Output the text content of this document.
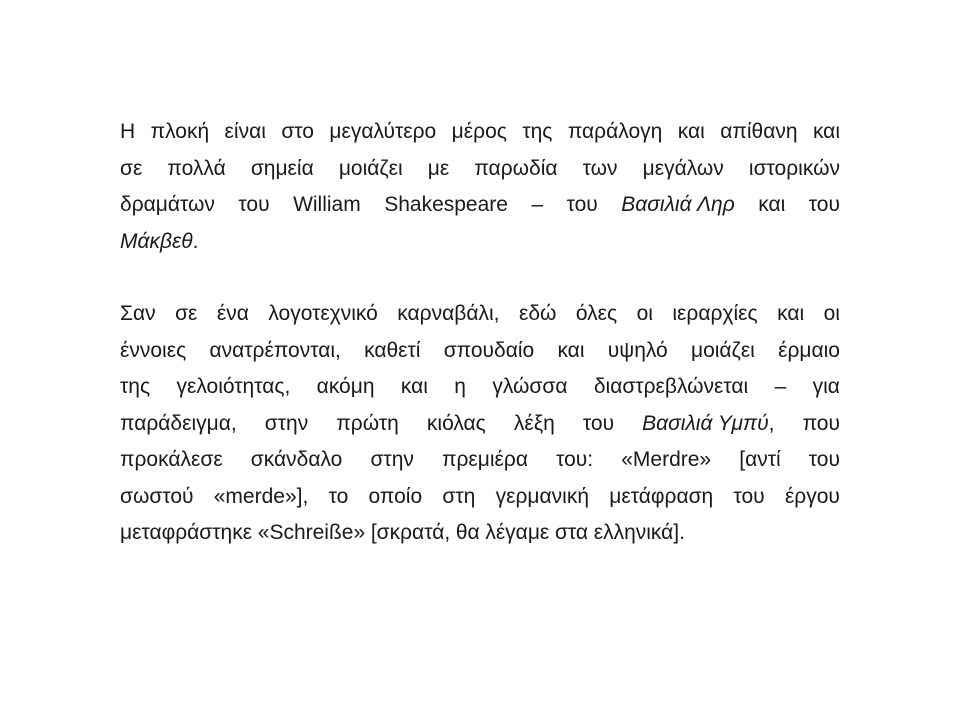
Η πλοκή είναι στο μεγαλύτερο μέρος της παράλογη και απίθανη και
σε πολλά σημεία μοιάζει με παρωδία των μεγάλων ιστορικών
δραμάτων του William Shakespeare – του Βασιλιά Ληρ και του
Μάκβεθ.
Σαν σε ένα λογοτεχνικό καρναβάλι, εδώ όλες οι ιεραρχίες και οι
έννοιες ανατρέπονται, καθετί σπουδαίο και υψηλό μοιάζει έρμαιο
της γελοιότητας, ακόμη και η γλώσσα διαστρεβλώνεται – για
παράδειγμα, στην πρώτη κιόλας λέξη του Βασιλιά Υμπύ, που
προκάλεσε σκάνδαλο στην πρεμιέρα του: «Merdre» [αντί του
σωστού «merde»], το οποίο στη γερμανική μετάφραση του έργου
μεταφράστηκε «Schreiße» [σκρατά, θα λέγαμε στα ελληνικά].
